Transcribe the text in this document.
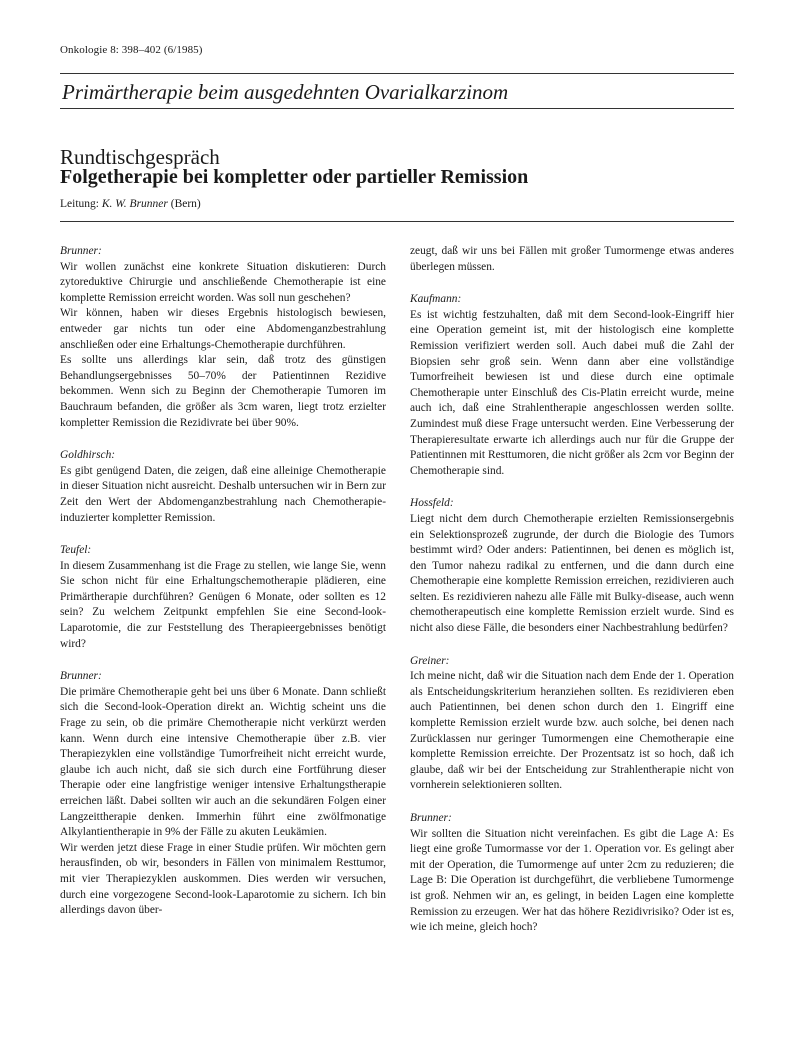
Onkologie 8: 398–402 (6/1985)
Primärtherapie beim ausgedehnten Ovarialkarzinom
Rundtischgespräch
Folgetherapie bei kompletter oder partieller Remission
Leitung: K. W. Brunner (Bern)
Brunner:
Wir wollen zunächst eine konkrete Situation diskutieren: Durch zytoreduktive Chirurgie und anschließende Chemotherapie ist eine komplette Remission erreicht worden. Was soll nun geschehen?
Wir können, haben wir dieses Ergebnis histologisch bewiesen, entweder gar nichts tun oder eine Abdomenganzbestrahlung anschließen oder eine Erhaltungs-Chemotherapie durchführen.
Es sollte uns allerdings klar sein, daß trotz des günstigen Behandlungsergebnisses 50–70% der Patientinnen Rezidive bekommen. Wenn sich zu Beginn der Chemotherapie Tumoren im Bauchraum befanden, die größer als 3cm waren, liegt trotz erzielter kompletter Remission die Rezidivrate bei über 90%.
Goldhirsch:
Es gibt genügend Daten, die zeigen, daß eine alleinige Chemotherapie in dieser Situation nicht ausreicht. Deshalb untersuchen wir in Bern zur Zeit den Wert der Abdomenganzbestrahlung nach Chemotherapie-induzierter kompletter Remission.
Teufel:
In diesem Zusammenhang ist die Frage zu stellen, wie lange Sie, wenn Sie schon nicht für eine Erhaltungschemotherapie plädieren, eine Primärtherapie durchführen? Genügen 6 Monate, oder sollten es 12 sein? Zu welchem Zeitpunkt empfehlen Sie eine Second-look-Laparotomie, die zur Feststellung des Therapieergebnisses benötigt wird?
Brunner:
Die primäre Chemotherapie geht bei uns über 6 Monate. Dann schließt sich die Second-look-Operation direkt an. Wichtig scheint uns die Frage zu sein, ob die primäre Chemotherapie nicht verkürzt werden kann. Wenn durch eine intensive Chemotherapie über z.B. vier Therapiezyklen eine vollständige Tumorfreiheit nicht erreicht wurde, glaube ich auch nicht, daß sie sich durch eine Fortführung dieser Therapie oder eine langfristige weniger intensive Erhaltungstherapie erreichen läßt. Dabei sollten wir auch an die sekundären Folgen einer Langzeittherapie denken. Immerhin führt eine zwölfmonatige Alkylantientherapie in 9% der Fälle zu akuten Leukämien.
Wir werden jetzt diese Frage in einer Studie prüfen. Wir möchten gern herausfinden, ob wir, besonders in Fällen von minimalem Resttumor, mit vier Therapiezyklen auskommen. Dies werden wir versuchen, durch eine vorgezogene Second-look-Laparotomie zu sichern. Ich bin allerdings davon über-
zeugt, daß wir uns bei Fällen mit großer Tumormenge etwas anderes überlegen müssen.
Kaufmann:
Es ist wichtig festzuhalten, daß mit dem Second-look-Eingriff hier eine Operation gemeint ist, mit der histologisch eine komplette Remission verifiziert werden soll. Auch dabei muß die Zahl der Biopsien sehr groß sein. Wenn dann aber eine vollständige Tumorfreiheit bewiesen ist und diese durch eine optimale Chemotherapie unter Einschluß des Cis-Platin erreicht wurde, meine auch ich, daß eine Strahlentherapie angeschlossen werden sollte. Zumindest muß diese Frage untersucht werden. Eine Verbesserung der Therapieresultate erwarte ich allerdings auch nur für die Gruppe der Patientinnen mit Resttumoren, die nicht größer als 2cm vor Beginn der Chemotherapie sind.
Hossfeld:
Liegt nicht dem durch Chemotherapie erzielten Remissionsergebnis ein Selektionsprozeß zugrunde, der durch die Biologie des Tumors bestimmt wird? Oder anders: Patientinnen, bei denen es möglich ist, den Tumor nahezu radikal zu entfernen, und die dann durch eine Chemotherapie eine komplette Remission erreichen, rezidivieren auch selten. Es rezidivieren nahezu alle Fälle mit Bulky-disease, auch wenn chemotherapeutisch eine komplette Remission erzielt wurde. Sind es nicht also diese Fälle, die besonders einer Nachbestrahlung bedürfen?
Greiner:
Ich meine nicht, daß wir die Situation nach dem Ende der 1. Operation als Entscheidungskriterium heranziehen sollten. Es rezidivieren eben auch Patientinnen, bei denen schon durch den 1. Eingriff eine komplette Remission erzielt wurde bzw. auch solche, bei denen nach Zurücklassen nur geringer Tumormengen eine Chemotherapie eine komplette Remission erreichte. Der Prozentsatz ist so hoch, daß ich glaube, daß wir bei der Entscheidung zur Strahlentherapie nicht von vornherein selektionieren sollten.
Brunner:
Wir sollten die Situation nicht vereinfachen. Es gibt die Lage A: Es liegt eine große Tumormasse vor der 1. Operation vor. Es gelingt aber mit der Operation, die Tumormenge auf unter 2cm zu reduzieren; die Lage B: Die Operation ist durchgeführt, die verbliebene Tumormenge ist groß. Nehmen wir an, es gelingt, in beiden Lagen eine komplette Remission zu erzeugen. Wer hat das höhere Rezidivrisiko? Oder ist es, wie ich meine, gleich hoch?
